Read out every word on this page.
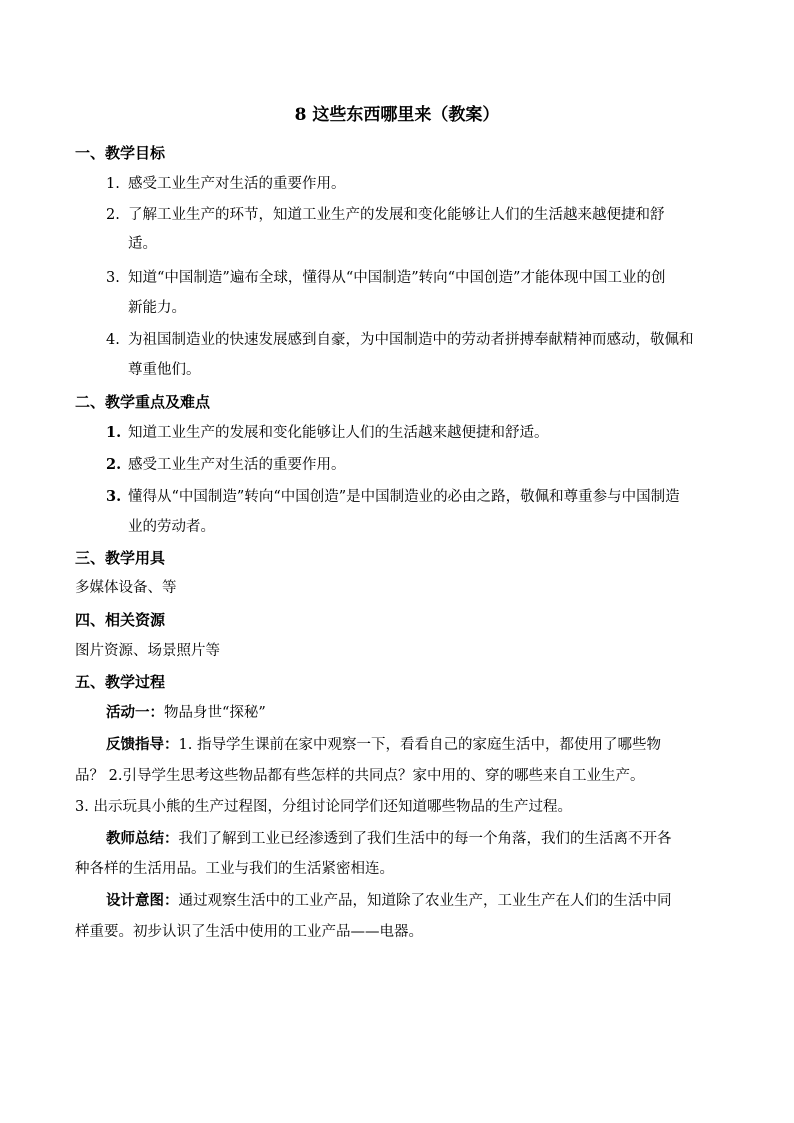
8 这些东西哪里来（教案）
一、教学目标
1. 感受工业生产对生活的重要作用。
2. 了解工业生产的环节，知道工业生产的发展和变化能够让人们的生活越来越便捷和舒
适。
3. 知道“中国制造”遍布全球，懂得从“中国制造”转向“中国创造”才能体现中国工业的创
新能力。
4. 为祖国制造业的快速发展感到自豪，为中国制造中的劳动者拼搏奉献精神而感动，敬佩和
尊重他们。
二、教学重点及难点
1. 知道工业生产的发展和变化能够让人们的生活越来越便捷和舒适。
2. 感受工业生产对生活的重要作用。
3. 懂得从“中国制造”转向“中国创造”是中国制造业的必由之路，敬佩和尊重参与中国制造
业的劳动者。
三、教学用具
多媒体设备、等
四、相关资源
图片资源、场景照片等
五、教学过程
活动一：物品身世“探秘”
反馈指导：1. 指导学生课前在家中观察一下，看看自己的家庭生活中，都使用了哪些物
品？ 2.引导学生思考这些物品都有些怎样的共同点？家中用的、穿的哪些来自工业生产。
3. 出示玩具小熊的生产过程图，分组讨论同学们还知道哪些物品的生产过程。
教师总结：我们了解到工业已经渗透到了我们生活中的每一个角落，我们的生活离不开各
种各样的生活用品。工业与我们的生活紧密相连。
设计意图：通过观察生活中的工业产品，知道除了农业生产，工业生产在人们的生活中同
样重要。初步认识了生活中使用的工业产品——电器。
